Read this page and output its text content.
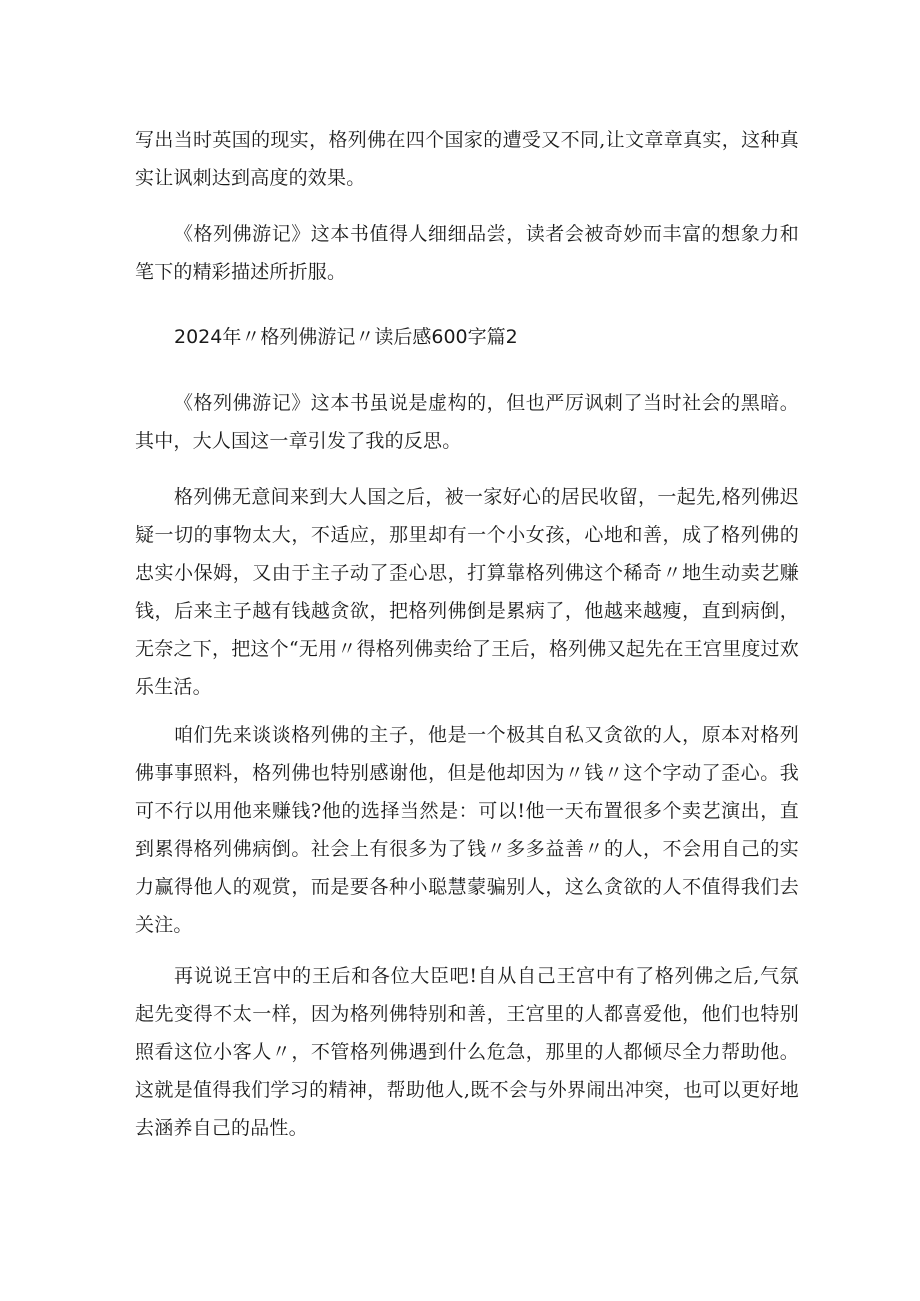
写出当时英国的现实，格列佛在四个国家的遭受又不同,让文章章真实，这种真实让讽刺达到高度的效果。

《格列佛游记》这本书值得人细细品尝，读者会被奇妙而丰富的想象力和笔下的精彩描述所折服。

2024年〃格列佛游记〃读后感600字篇2

《格列佛游记》这本书虽说是虚构的，但也严厉讽刺了当时社会的黑暗。其中，大人国这一章引发了我的反思。

格列佛无意间来到大人国之后，被一家好心的居民收留，一起先,格列佛迟疑一切的事物太大，不适应，那里却有一个小女孩，心地和善，成了格列佛的忠实小保姆，又由于主子动了歪心思，打算靠格列佛这个稀奇〃地生动卖艺赚钱，后来主子越有钱越贪欲，把格列佛倒是累病了，他越来越瘦，直到病倒，无奈之下，把这个“无用〃得格列佛卖给了王后，格列佛又起先在王宫里度过欢乐生活。

咱们先来谈谈格列佛的主子，他是一个极其自私又贪欲的人，原本对格列佛事事照料，格列佛也特别感谢他，但是他却因为〃钱〃这个字动了歪心。我可不行以用他来赚钱?他的选择当然是：可以!他一天布置很多个卖艺演出，直到累得格列佛病倒。社会上有很多为了钱〃多多益善〃的人，不会用自己的实力赢得他人的观赏，而是要各种小聪慧蒙骗别人，这么贪欲的人不值得我们去关注。

再说说王宫中的王后和各位大臣吧!自从自己王宫中有了格列佛之后,气氛起先变得不太一样，因为格列佛特别和善，王宫里的人都喜爱他，他们也特别照看这位小客人〃，不管格列佛遇到什么危急，那里的人都倾尽全力帮助他。这就是值得我们学习的精神，帮助他人,既不会与外界闹出冲突，也可以更好地去涵养自己的品性。
